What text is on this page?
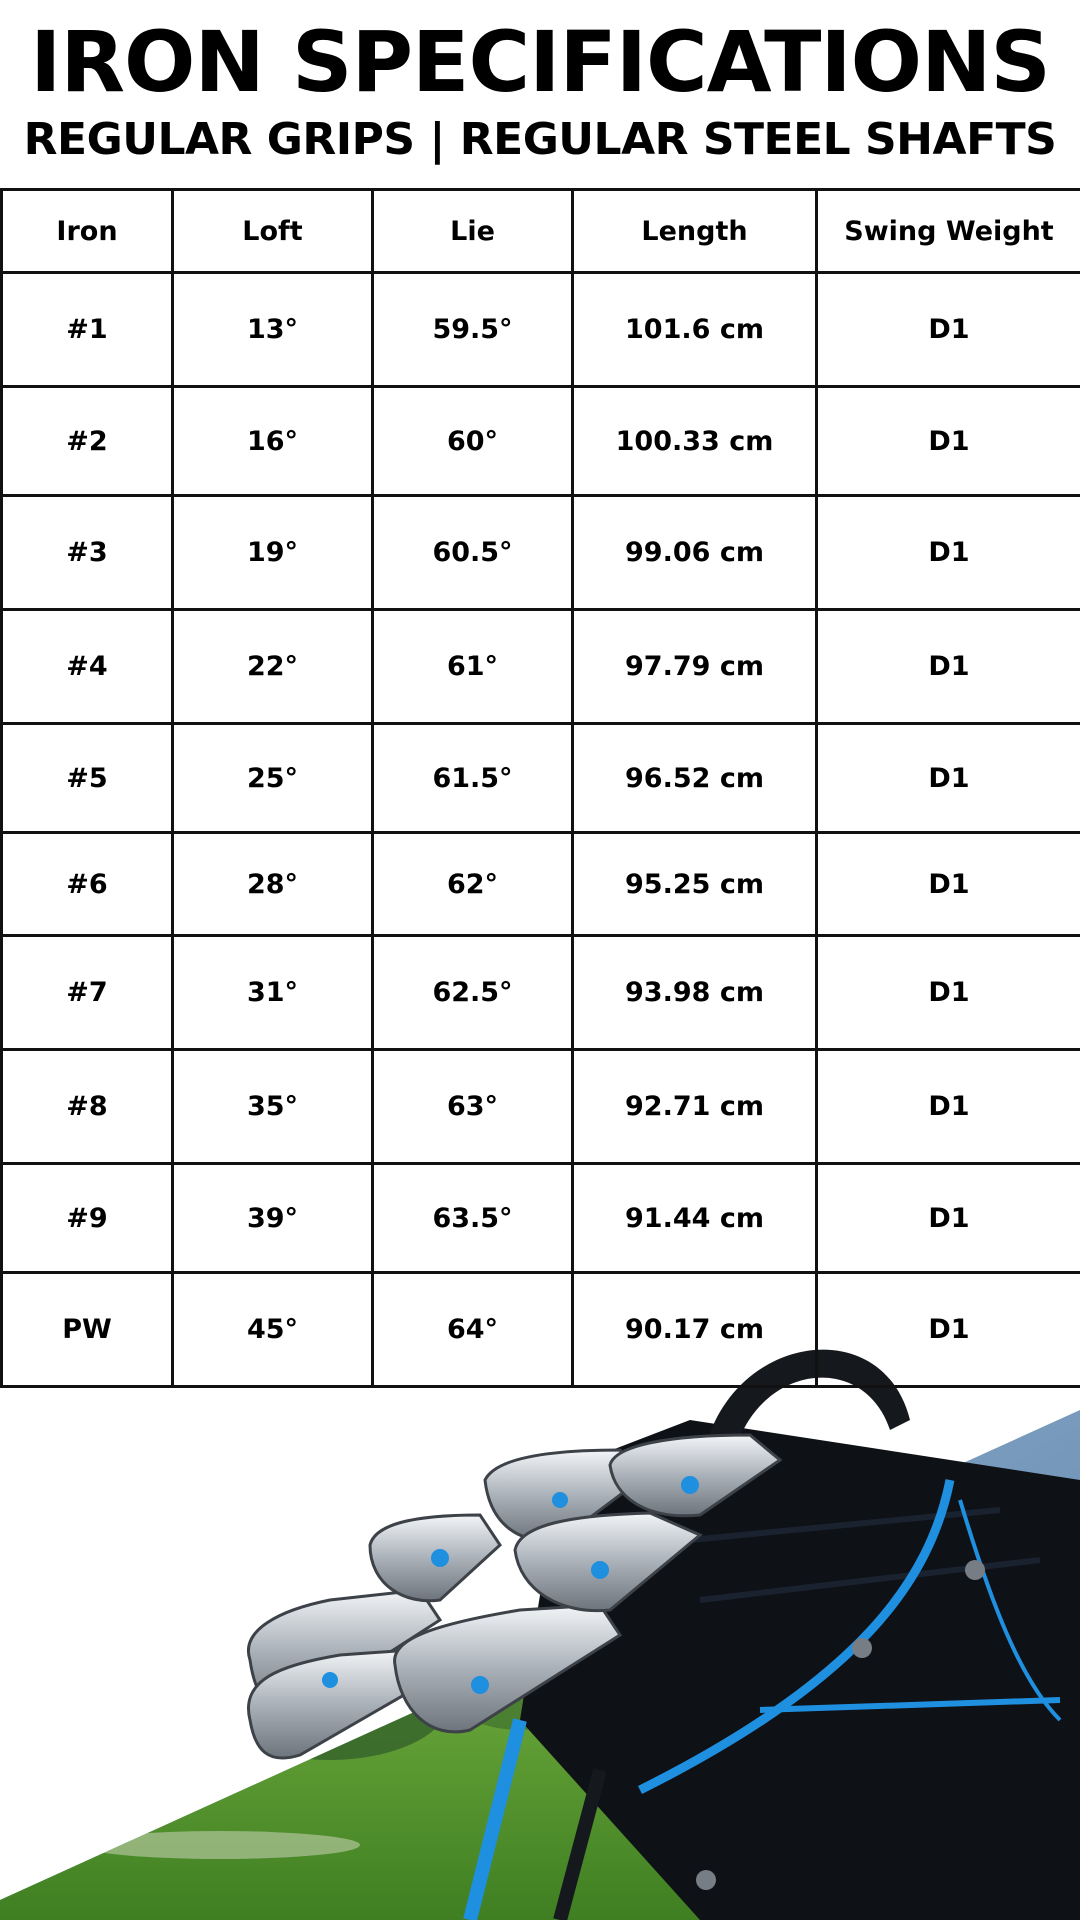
IRON SPECIFICATIONS
REGULAR GRIPS | REGULAR STEEL SHAFTS
Iron	Loft	Lie	Length	Swing Weight
#1	13°	59.5°	101.6 cm	D1
#2	16°	60°	100.33 cm	D1
#3	19°	60.5°	99.06 cm	D1
#4	22°	61°	97.79 cm	D1
#5	25°	61.5°	96.52 cm	D1
#6	28°	62°	95.25 cm	D1
#7	31°	62.5°	93.98 cm	D1
#8	35°	63°	92.71 cm	D1
#9	39°	63.5°	91.44 cm	D1
PW	45°	64°	90.17 cm	D1
